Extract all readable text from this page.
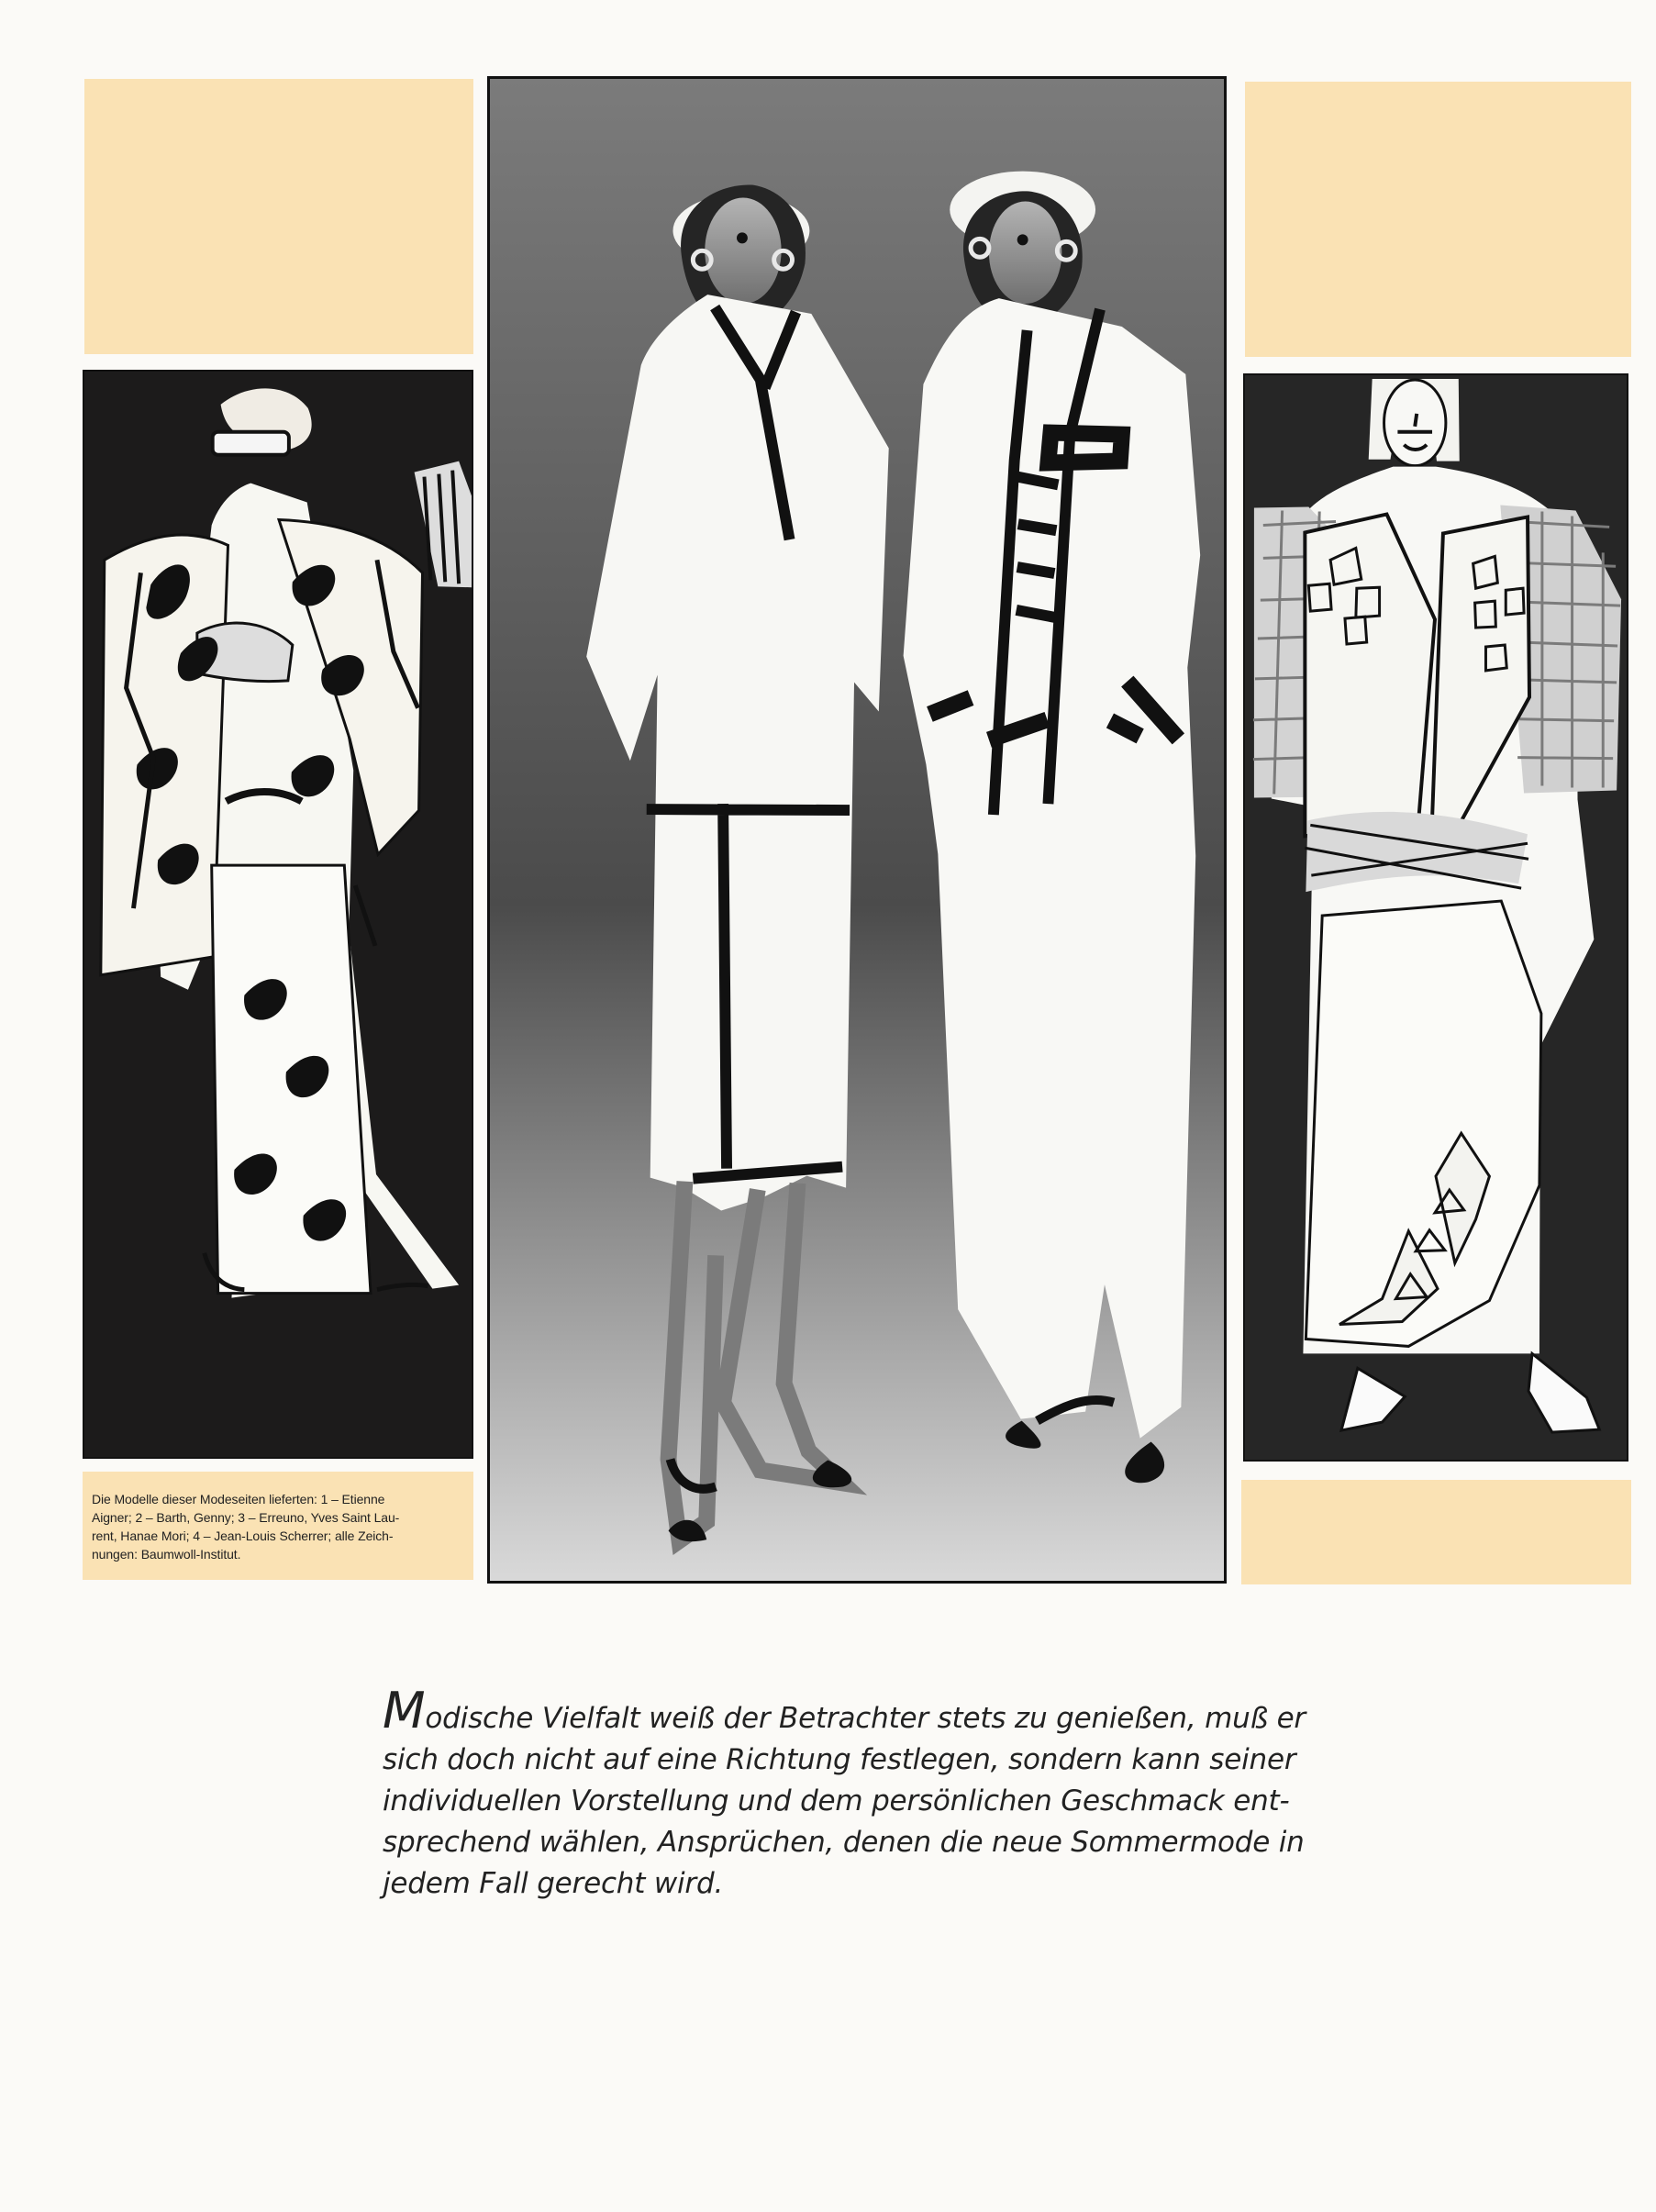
Die Modelle dieser Modeseiten lieferten: 1 – Etienne
Aigner; 2 – Barth, Genny; 3 – Erreuno, Yves Saint Lau-
rent, Hanae Mori; 4 – Jean-Louis Scherrer; alle Zeich-
nungen: Baumwoll-Institut.
Modische Vielfalt weiß der Betrachter stets zu genießen, muß er
sich doch nicht auf eine Richtung festlegen, sondern kann seiner
individuellen Vorstellung und dem persönlichen Geschmack ent-
sprechend wählen, Ansprüchen, denen die neue Sommermode in
jedem Fall gerecht wird.
